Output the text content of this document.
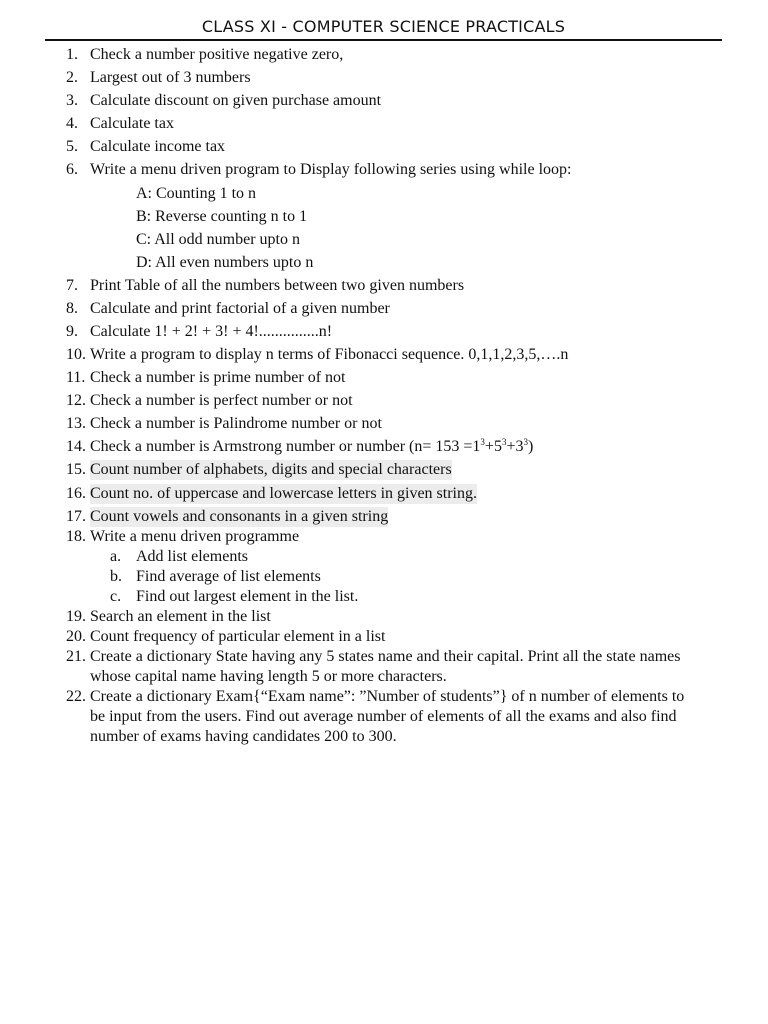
CLASS XI - COMPUTER SCIENCE PRACTICALS
1. Check a number positive negative zero,
2. Largest out of 3 numbers
3. Calculate discount on given purchase amount
4. Calculate tax
5. Calculate income tax
6. Write a menu driven program to Display following series using while loop:
A: Counting 1 to n
B: Reverse counting n to 1
C: All odd number upto n
D: All even numbers upto n
7. Print Table of all the numbers between two given numbers
8. Calculate and print factorial of a given number
9. Calculate 1! + 2! + 3! + 4!...............n!
10. Write a program to display n terms of Fibonacci sequence. 0,1,1,2,3,5,….n
11. Check a number is prime number of not
12. Check a number is perfect number or not
13. Check a number is Palindrome number or not
14. Check a number is Armstrong number or number $(n= 153 =1^3+5^3+3^3)$
15. Count number of alphabets, digits and special characters
16. Count no. of uppercase and lowercase letters in given string.
17. Count vowels and consonants in a given string
18. Write a menu driven programme
a. Add list elements
b. Find average of list elements
c. Find out largest element in the list.
19. Search an element in the list
20. Count frequency of particular element in a list
21. Create a dictionary State having any 5 states name and their capital. Print all the state names
whose capital name having length 5 or more characters.
22. Create a dictionary Exam{“Exam name”: ”Number of students”} of n number of elements to
be input from the users. Find out average number of elements of all the exams and also find
number of exams having candidates 200 to 300.
